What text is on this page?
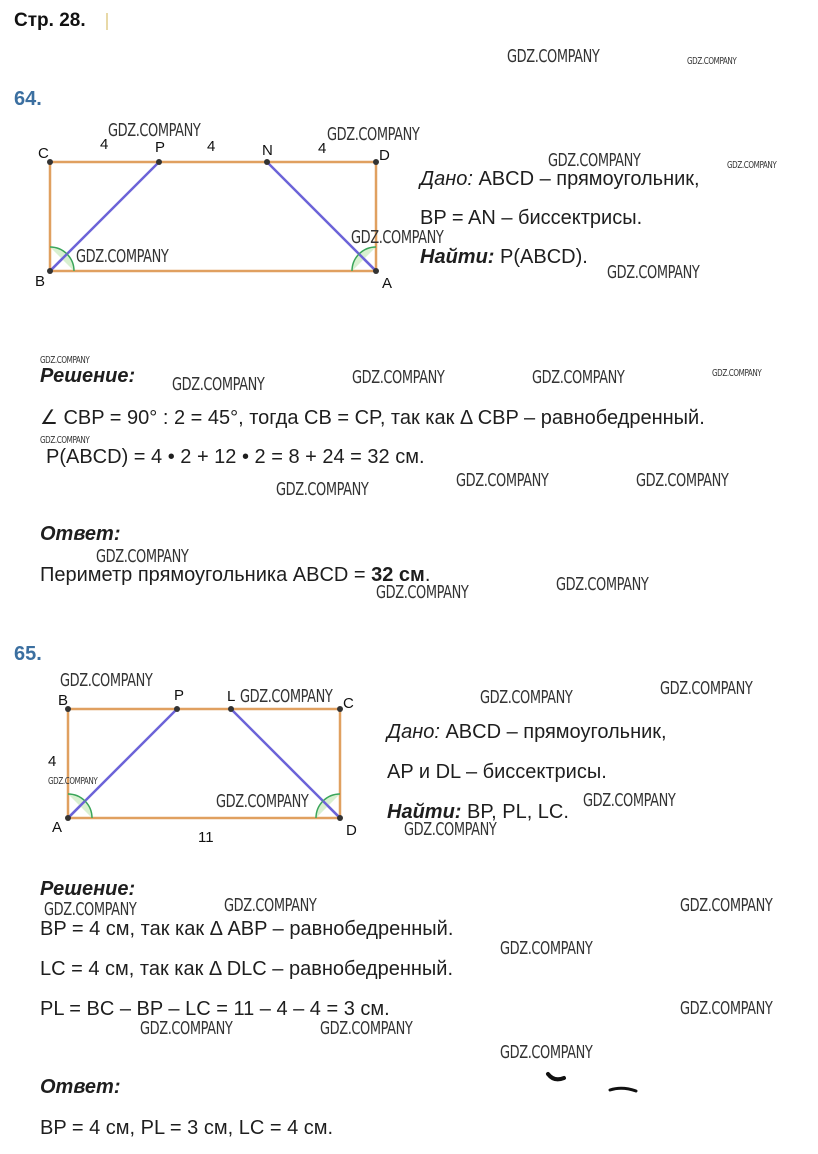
Стр. 28.
64.
C	P	N	D
B	A
4	4	4
Дано: ABCD – прямоугольник,
BP = AN – биссектрисы.
Найти: P(ABCD).
Решение:
∠ CBP = 90° : 2 = 45°, тогда CB = CP, так как Δ CBP – равнобедренный.
P(ABCD) = 4 • 2 + 12 • 2 = 8 + 24 = 32 см.
Ответ:
Периметр прямоугольника ABCD = 32 см.
65.
B	P	L	C
A	D
4
11
Дано: ABCD – прямоугольник,
AP и DL – биссектрисы.
Найти: BP, PL, LC.
Решение:
BP = 4 см, так как Δ ABP – равнобедренный.
LC = 4 см, так как Δ DLC – равнобедренный.
PL = BC – BP – LC = 11 – 4 – 4 = 3 см.
Ответ:
BP = 4 см, PL = 3 см, LC = 4 см.
GDZ.COMPANY	GDZ.COMPANY
GDZ.COMPANY	GDZ.COMPANY
GDZ.COMPANY	GDZ.COMPANY
GDZ.COMPANY
GDZ.COMPANY
GDZ.COMPANY
GDZ.COMPANY
GDZ.COMPANY	GDZ.COMPANY	GDZ.COMPANY	GDZ.COMPANY
GDZ.COMPANY
GDZ.COMPANY	GDZ.COMPANY	GDZ.COMPANY
GDZ.COMPANY
GDZ.COMPANY
GDZ.COMPANY
GDZ.COMPANY
GDZ.COMPANY	GDZ.COMPANY	GDZ.COMPANY
GDZ.COMPANY
GDZ.COMPANY	GDZ.COMPANY
GDZ.COMPANY
GDZ.COMPANY	GDZ.COMPANY	GDZ.COMPANY
GDZ.COMPANY
GDZ.COMPANY
GDZ.COMPANY	GDZ.COMPANY
GDZ.COMPANY
